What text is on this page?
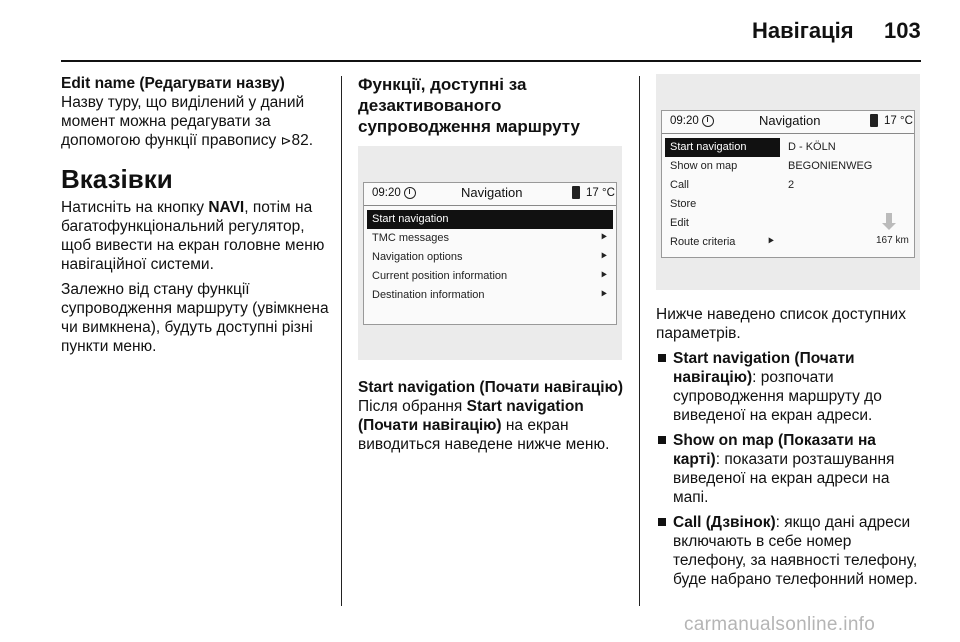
Навігація 103

Edit name (Редагувати назву)

Назву туру, що виділений у даний момент можна редагувати за допомогою функції правопису ⊳82.

Вказівки

Натисніть на кнопку NAVI, потім на багатофункціональний регулятор, щоб вивести на екран головне меню навігаційної системи.

Залежно від стану функції супроводження маршруту (увімкнена чи вимкнена), будуть доступні різні пункти меню.

Функції, доступні за дезактивованого супроводження маршруту
09:20	Navigation	17 °C
Start navigation
TMC messages	⯈
Navigation options	⯈
Current position information	⯈
Destination information	⯈

Start navigation (Почати навігацію)

Після обрання Start navigation (Почати навігацію) на екран виводиться наведене нижче меню.

09:20	Navigation	17 °C
Start navigation
Show on map
Call
Store
Edit
Route criteria	⯈
D - KÖLN
BEGONIENWEG
2
167 km

Нижче наведено список доступних параметрів.

Start navigation (Почати навігацію): розпочати супроводження маршруту до виведеної на екран адреси.
Show on map (Показати на карті): показати розташування виведеної на екран адреси на мапі.
Call (Дзвінок): якщо дані адреси включають в себе номер телефону, за наявності телефону, буде набрано телефонний номер.
carmanualsonline.info
